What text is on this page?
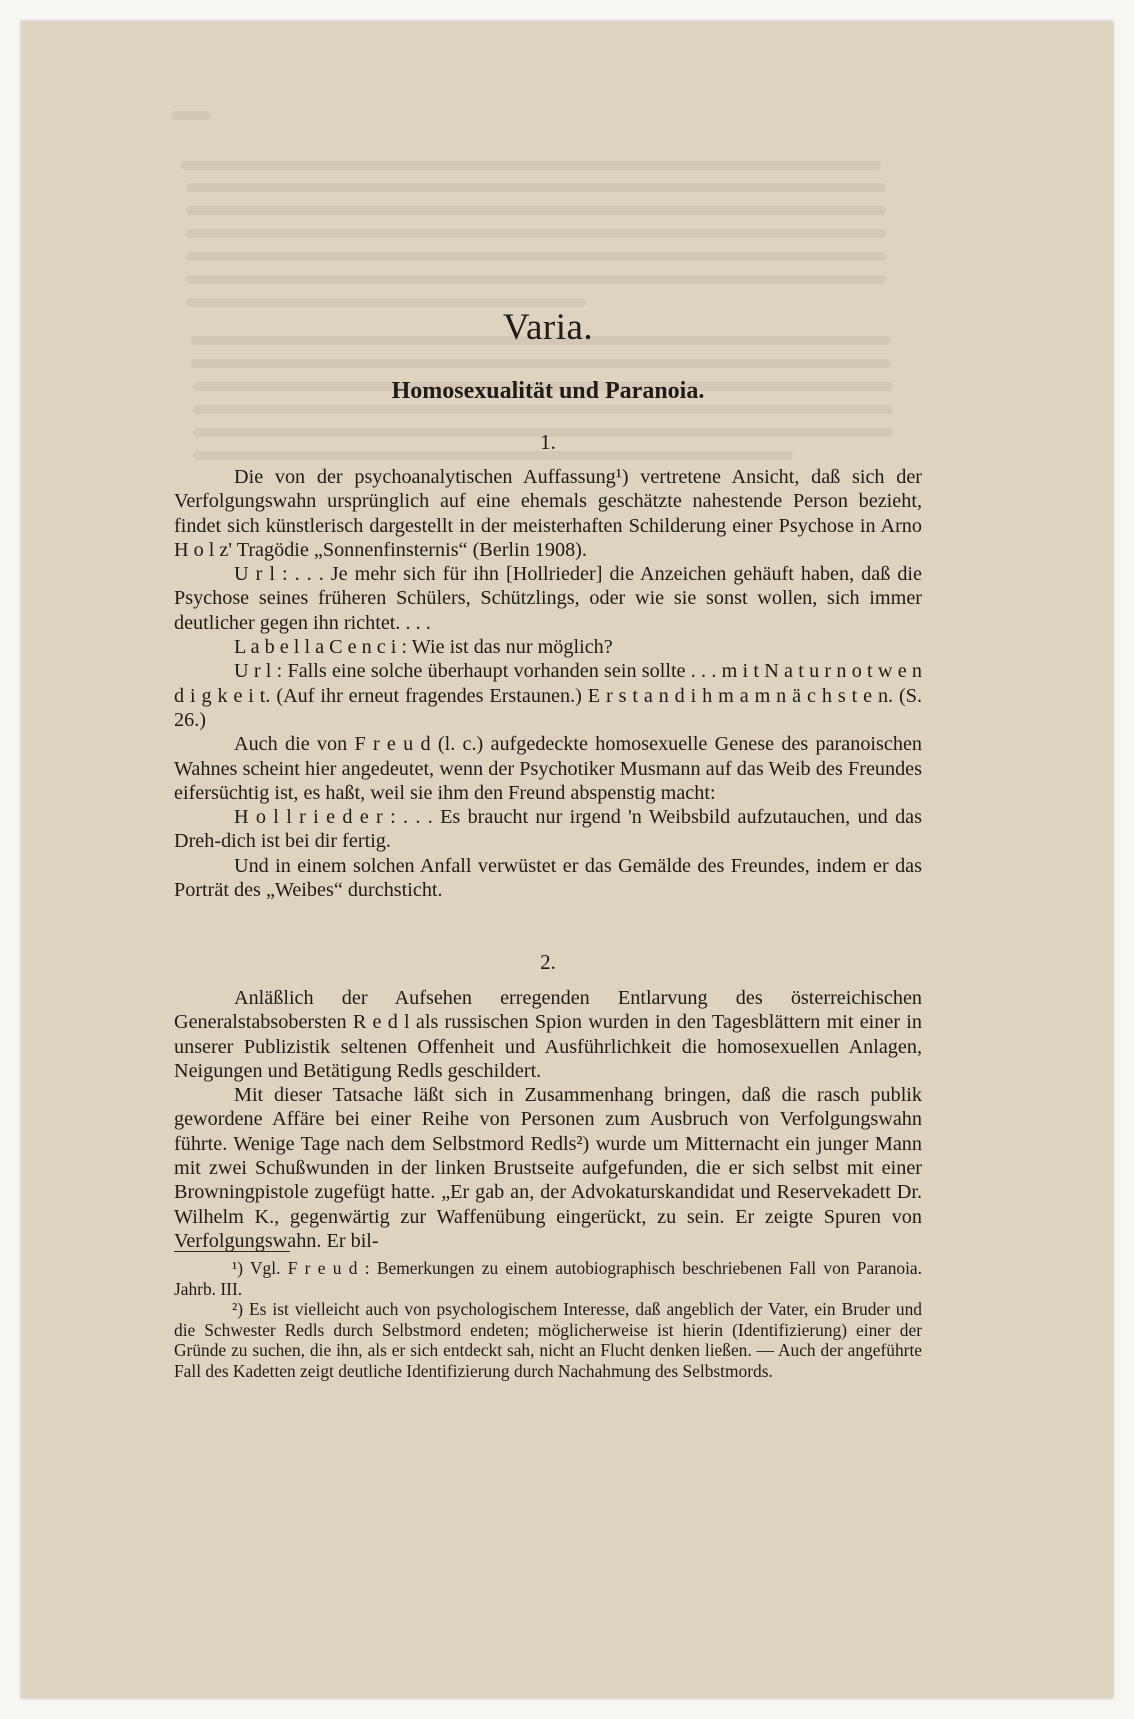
Varia.
Homosexualität und Paranoia.
1.

Die von der psychoanalytischen Auffassung¹) vertretene Ansicht, daß sich der Verfolgungswahn ursprünglich auf eine ehemals geschätzte nahestende Person bezieht, findet sich künstlerisch dargestellt in der meisterhaften Schilderung einer Psychose in Arno H o l z' Tragödie „Sonnenfinsternis“ (Berlin 1908).

U r l : . . . Je mehr sich für ihn [Hollrieder] die Anzeichen gehäuft haben, daß die Psychose seines früheren Schülers, Schützlings, oder wie sie sonst wollen, sich immer deutlicher gegen ihn richtet. . . .

L a b e l l a C e n c i : Wie ist das nur möglich?

U r l : Falls eine solche überhaupt vorhanden sein sollte . . . m i t N a t u r n o t w e n d i g k e i t. (Auf ihr erneut fragendes Erstaunen.) E r s t a n d i h m a m n ä c h s t e n. (S. 26.)

Auch die von F r e u d (l. c.) aufgedeckte homosexuelle Genese des paranoischen Wahnes scheint hier angedeutet, wenn der Psychotiker Musmann auf das Weib des Freundes eifersüchtig ist, es haßt, weil sie ihm den Freund abspenstig macht:

H o l l r i e d e r : . . . Es braucht nur irgend 'n Weibsbild aufzutauchen, und das Dreh-dich ist bei dir fertig.

Und in einem solchen Anfall verwüstet er das Gemälde des Freundes, indem er das Porträt des „Weibes“ durchsticht.

2.

Anläßlich der Aufsehen erregenden Entlarvung des österreichischen Generalstabsobersten R e d l als russischen Spion wurden in den Tagesblättern mit einer in unserer Publizistik seltenen Offenheit und Ausführlichkeit die homosexuellen Anlagen, Neigungen und Betätigung Redls geschildert.

Mit dieser Tatsache läßt sich in Zusammenhang bringen, daß die rasch publik gewordene Affäre bei einer Reihe von Personen zum Ausbruch von Verfolgungswahn führte. Wenige Tage nach dem Selbstmord Redls²) wurde um Mitternacht ein junger Mann mit zwei Schußwunden in der linken Brustseite aufgefunden, die er sich selbst mit einer Browningpistole zugefügt hatte. „Er gab an, der Advokaturskandidat und Reservekadett Dr. Wilhelm K., gegenwärtig zur Waffenübung eingerückt, zu sein. Er zeigte Spuren von Verfolgungswahn. Er bil-

¹) Vgl. F r e u d : Bemerkungen zu einem autobiographisch beschriebenen Fall von Paranoia. Jahrb. III.

²) Es ist vielleicht auch von psychologischem Interesse, daß angeblich der Vater, ein Bruder und die Schwester Redls durch Selbstmord endeten; möglicherweise ist hierin (Identifizierung) einer der Gründe zu suchen, die ihn, als er sich entdeckt sah, nicht an Flucht denken ließen. — Auch der angeführte Fall des Kadetten zeigt deutliche Identifizierung durch Nachahmung des Selbstmords.
